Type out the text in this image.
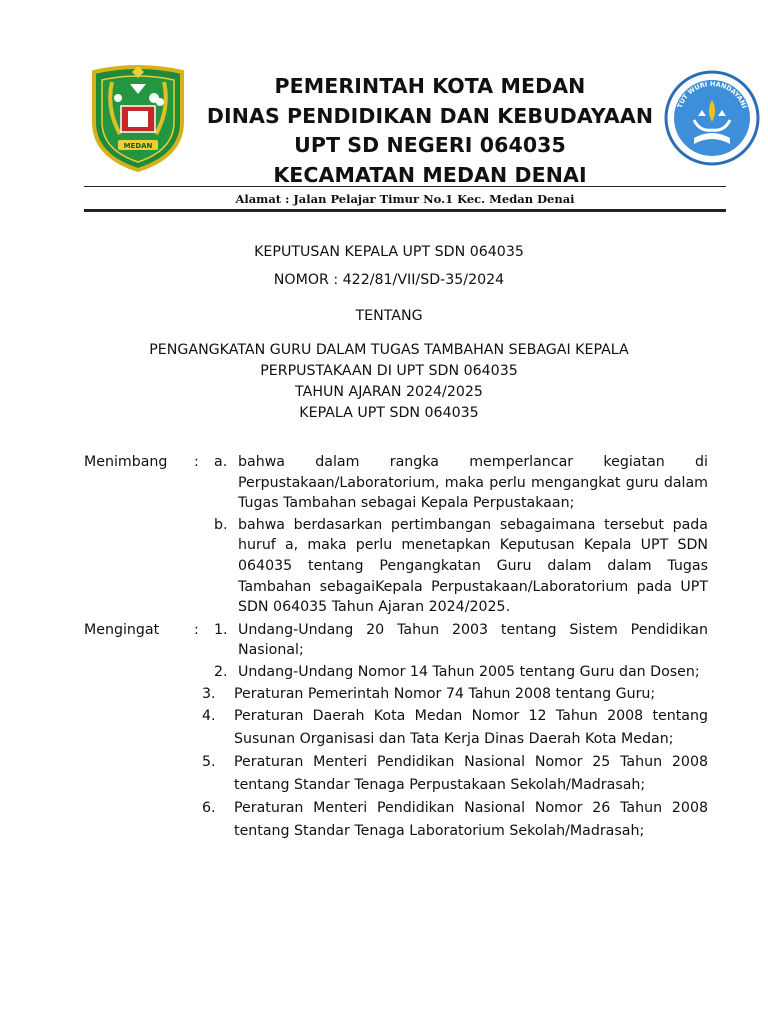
MEDAN
PEMERINTAH KOTA MEDAN
DINAS PENDIDIKAN DAN KEBUDAYAAN
UPT SD NEGERI 064035
KECAMATAN MEDAN DENAI
TUT WURI HANDAYANI
Alamat : Jalan Pelajar Timur No.1 Kec. Medan Denai
KEPUTUSAN KEPALA UPT SDN 064035
NOMOR : 422/81/VII/SD-35/2024
TENTANG
PENGANGKATAN GURU DALAM TUGAS TAMBAHAN SEBAGAI KEPALA
PERPUSTAKAAN DI UPT SDN 064035
TAHUN AJARAN 2024/2025
KEPALA UPT SDN 064035
Menimbang	:	a. bahwa dalam rangka memperlancar kegiatan di Perpustakaan/Laboratorium, maka perlu mengangkat guru dalam Tugas Tambahan sebagai Kepala Perpustakaan;
b. bahwa berdasarkan pertimbangan sebagaimana tersebut pada huruf a, maka perlu menetapkan Keputusan Kepala UPT SDN 064035 tentang Pengangkatan Guru dalam dalam Tugas Tambahan sebagaiKepala Perpustakaan/Laboratorium pada UPT SDN 064035 Tahun Ajaran 2024/2025.
Mengingat	:	1. Undang-Undang 20 Tahun 2003 tentang Sistem Pendidikan Nasional;
2. Undang-Undang Nomor 14 Tahun 2005 tentang Guru dan Dosen;
3.	Peraturan Pemerintah Nomor 74 Tahun 2008 tentang Guru;
4.	Peraturan Daerah Kota Medan Nomor 12 Tahun 2008 tentang Susunan Organisasi dan Tata Kerja Dinas Daerah Kota Medan;
5.	Peraturan Menteri Pendidikan Nasional Nomor 25 Tahun 2008 tentang Standar Tenaga Perpustakaan Sekolah/Madrasah;
6.	Peraturan Menteri Pendidikan Nasional Nomor 26 Tahun 2008 tentang Standar Tenaga Laboratorium Sekolah/Madrasah;
